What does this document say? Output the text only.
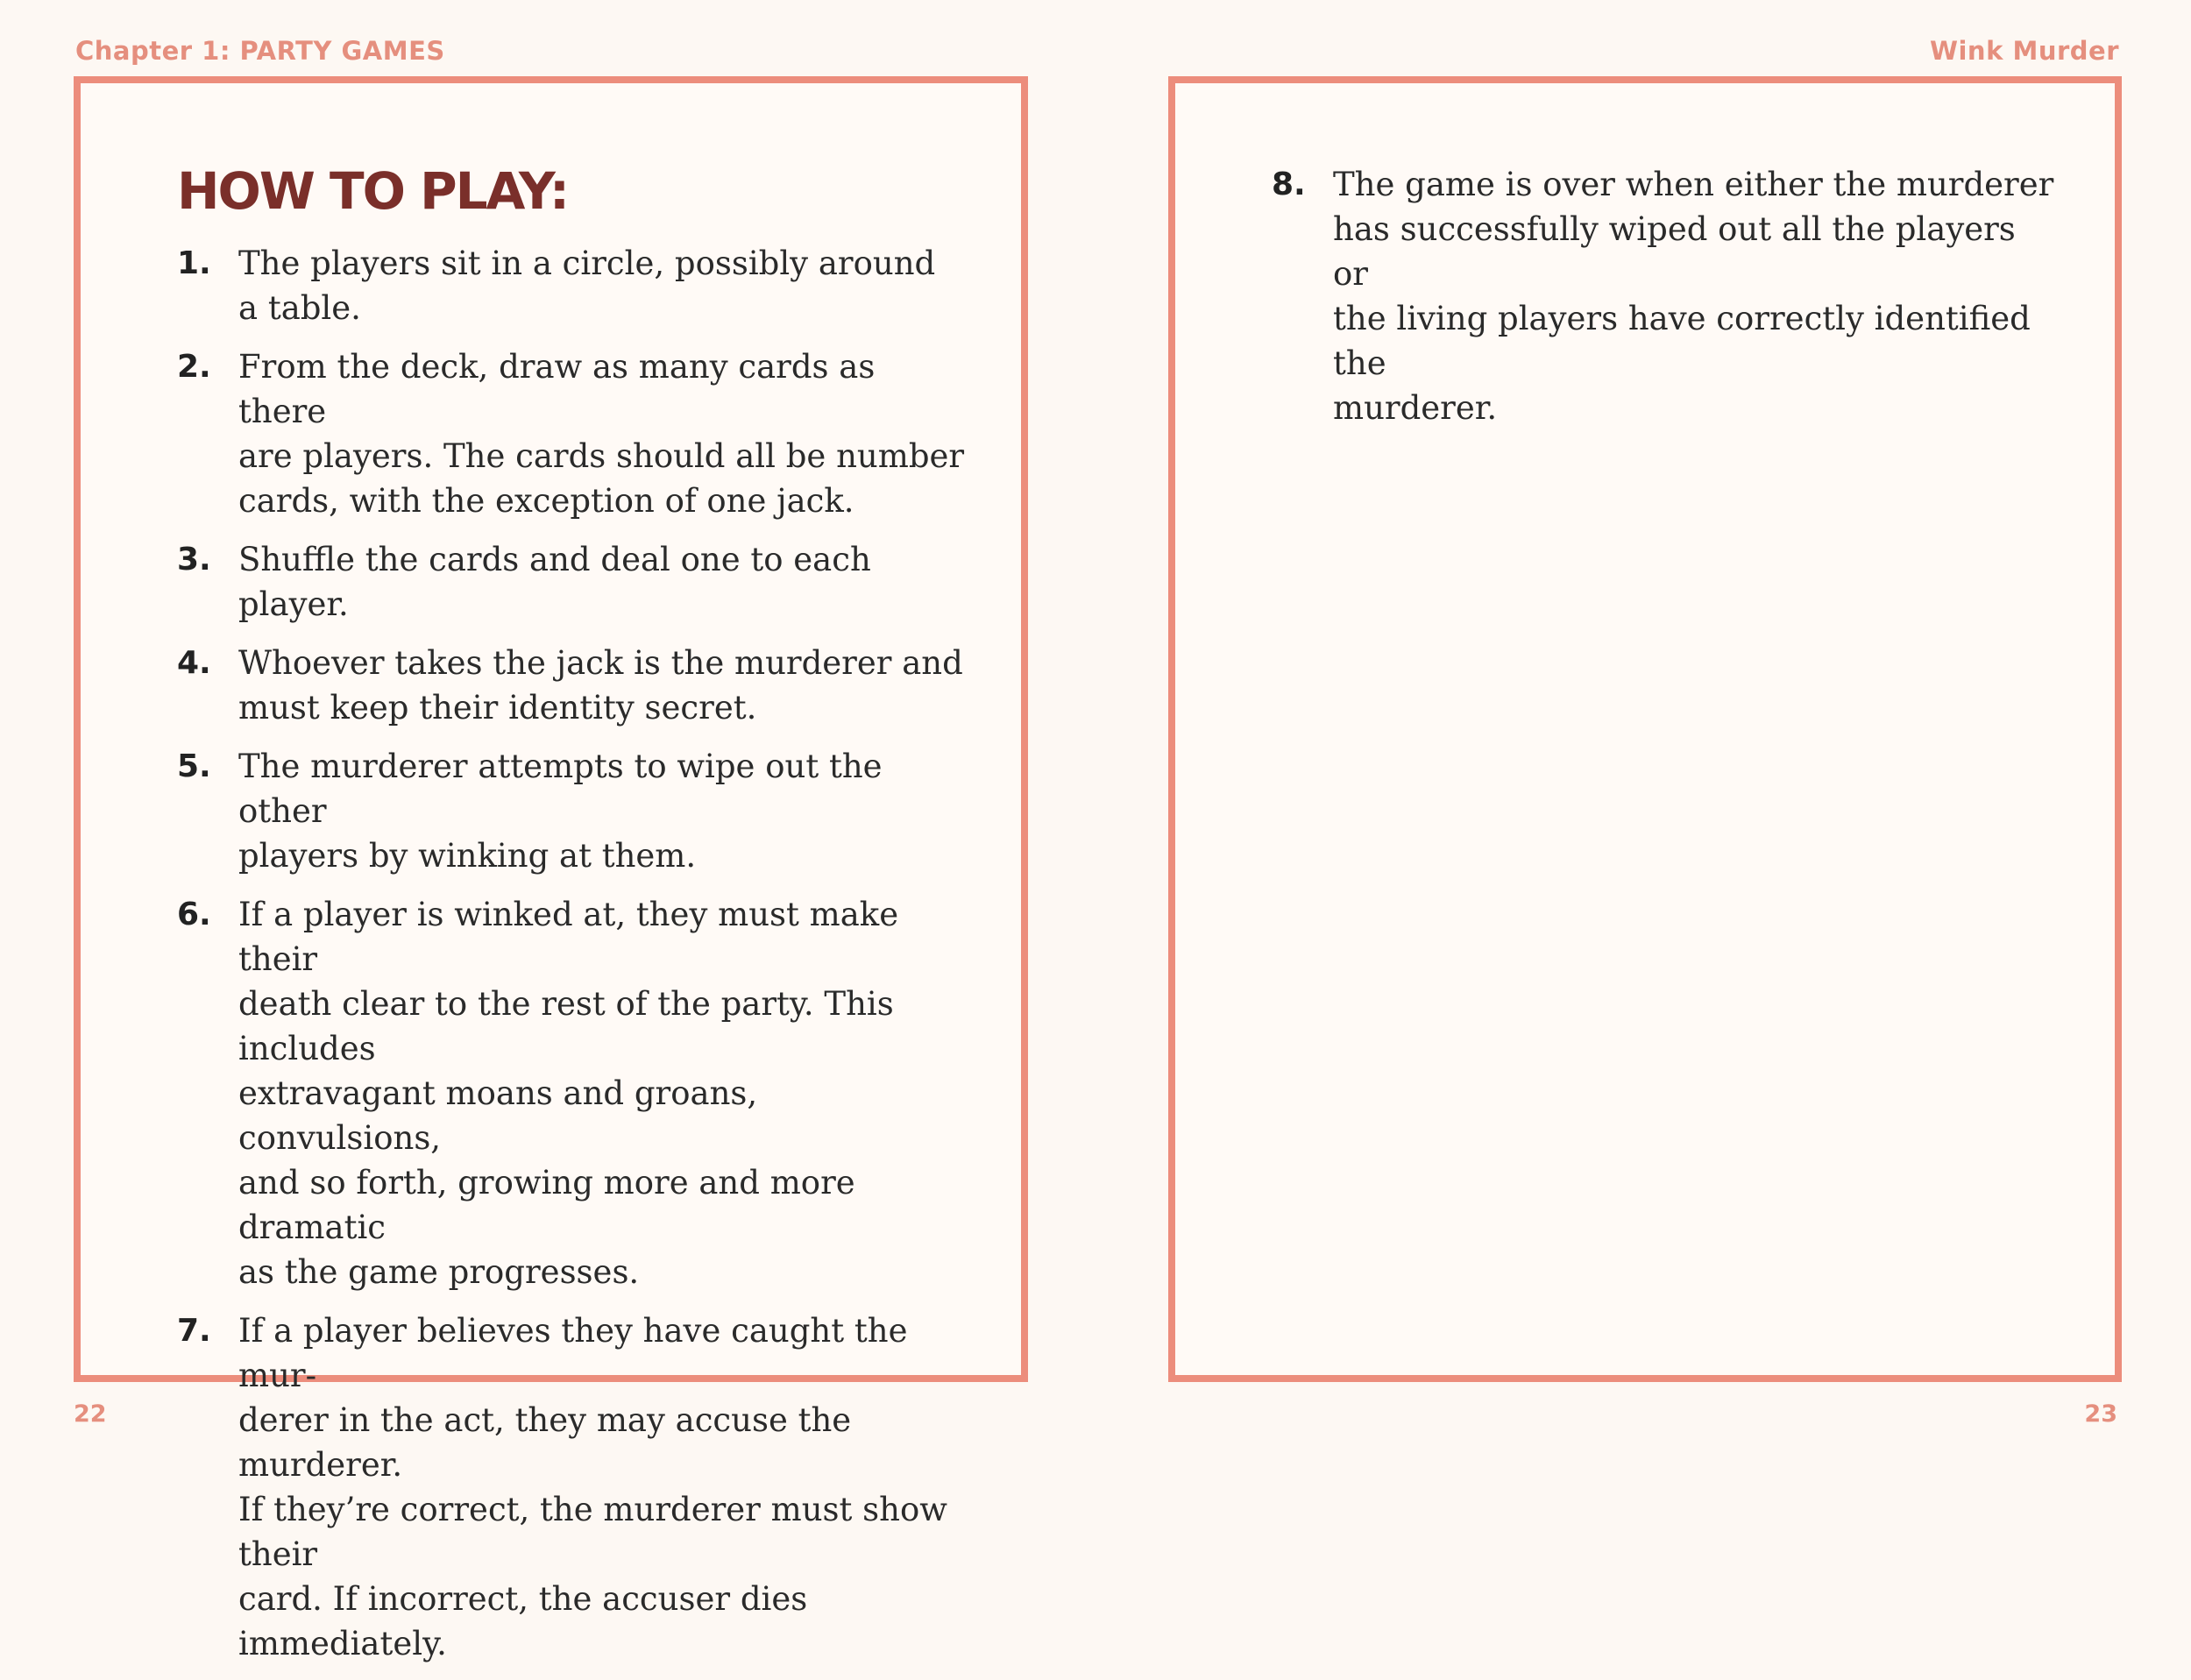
Chapter 1: PARTY GAMES	Wink Murder
HOW TO PLAY:
1. The players sit in a circle, possibly around
a table.
2. From the deck, draw as many cards as there
are players. The cards should all be number
cards, with the exception of one jack.
3. Shuffle the cards and deal one to each player.
4. Whoever takes the jack is the murderer and
must keep their identity secret.
5. The murderer attempts to wipe out the other
players by winking at them.
6. If a player is winked at, they must make their
death clear to the rest of the party. This includes
extravagant moans and groans, convulsions,
and so forth, growing more and more dramatic
as the game progresses.
7. If a player believes they have caught the mur-
derer in the act, they may accuse the murderer.
If they’re correct, the murderer must show their
card. If incorrect, the accuser dies immediately.
8. The game is over when either the murderer
has successfully wiped out all the players or
the living players have correctly identified the
murderer.
22	23
